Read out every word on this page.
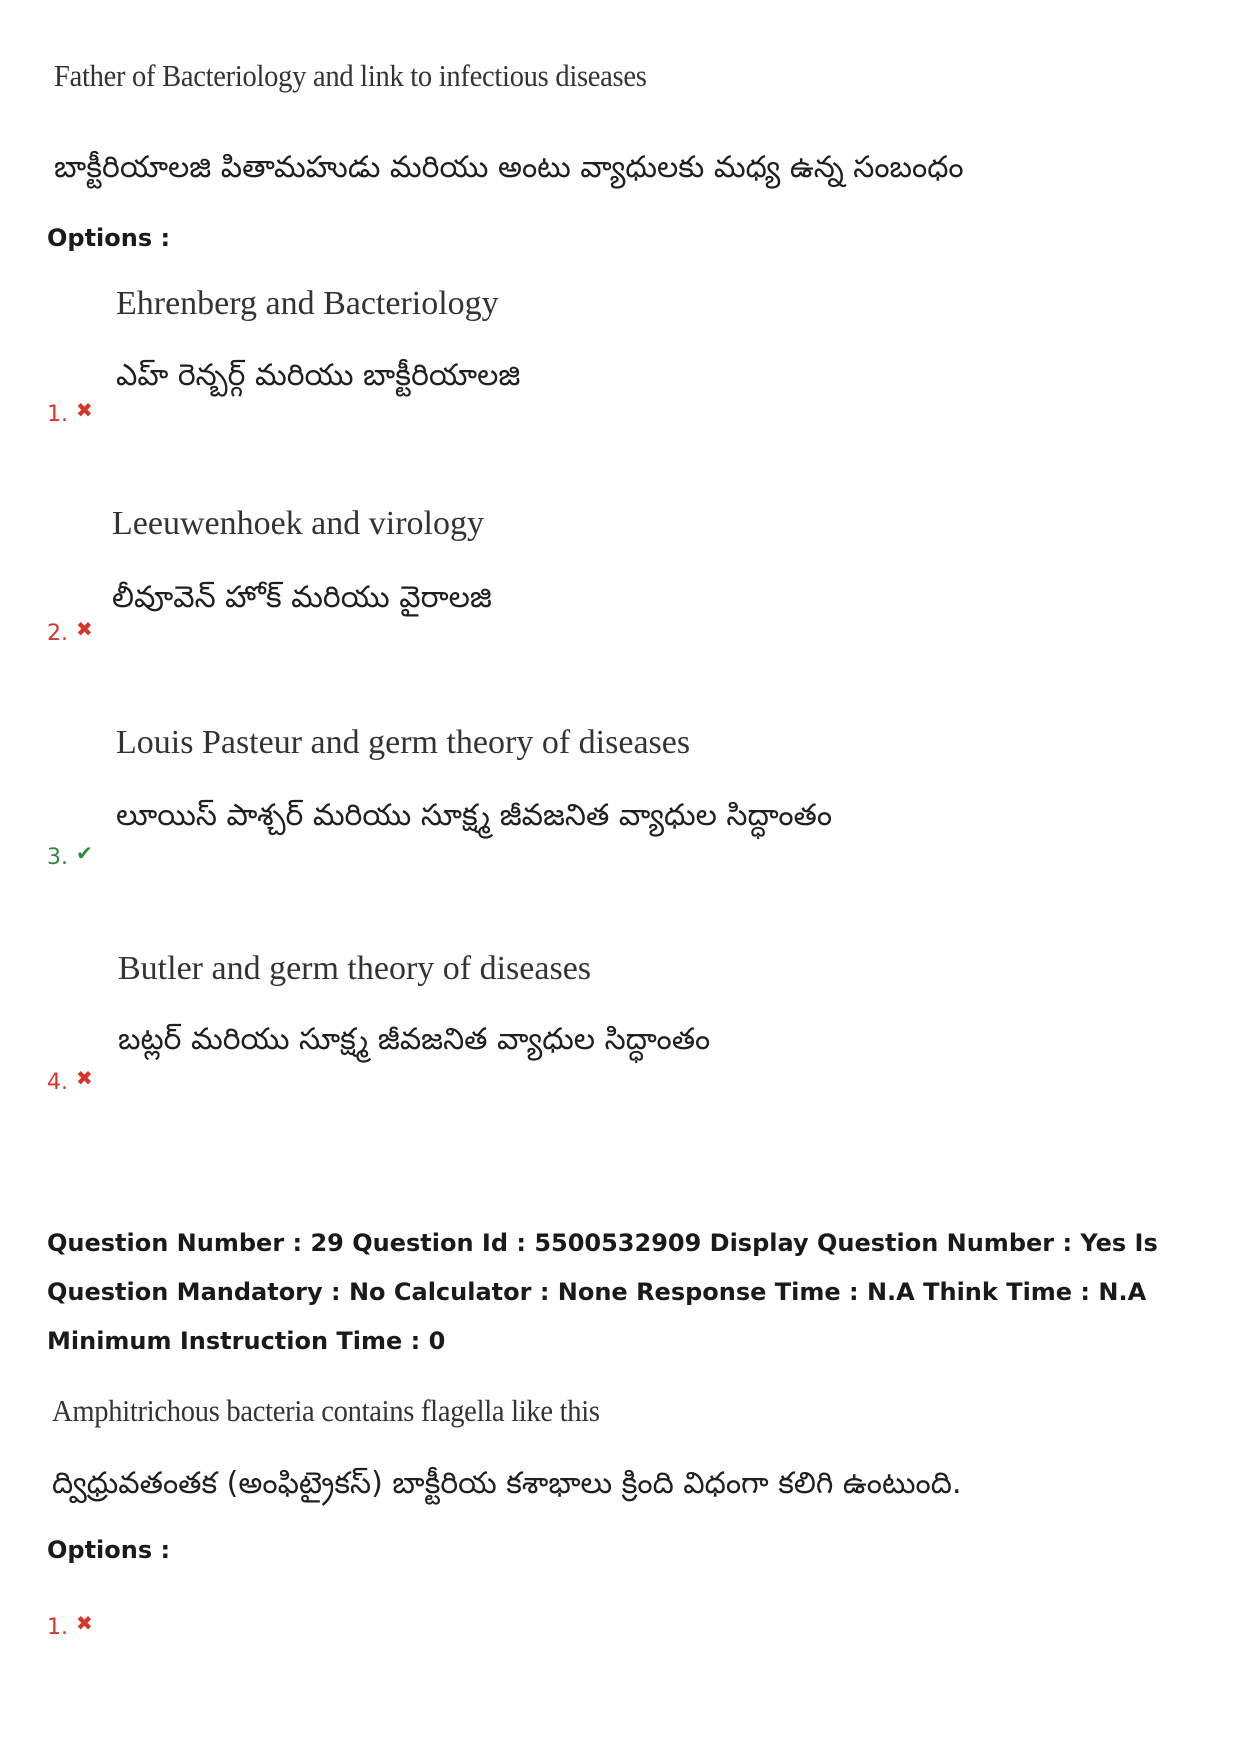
Father of Bacteriology and link to infectious diseases
బాక్టీరియాలజి పితామహుడు మరియు అంటు వ్యాధులకు మధ్య ఉన్న సంబంధం
Options :
Ehrenberg and Bacteriology
ఎహ్ రెన్బర్గ్ మరియు బాక్టీరియాలజి
1. ✖
Leeuwenhoek and virology
లీవూవెన్ హోక్ మరియు వైరాలజి
2. ✖
Louis Pasteur and germ theory of diseases
లూయిస్ పాశ్చర్ మరియు సూక్ష్మ జీవజనిత వ్యాధుల సిద్ధాంతం
3. ✔
Butler and germ theory of diseases
బట్లర్ మరియు సూక్ష్మ జీవజనిత వ్యాధుల సిద్ధాంతం
4. ✖
Question Number : 29 Question Id : 5500532909 Display Question Number : Yes Is Question Mandatory : No Calculator : None Response Time : N.A Think Time : N.A Minimum Instruction Time : 0
Amphitrichous bacteria contains flagella like this
ద్విధ్రువతంతక (అంఫిట్రైకస్) బాక్టీరియ కశాభాలు క్రింది విధంగా కలిగి ఉంటుంది.
Options :
1. ✖
